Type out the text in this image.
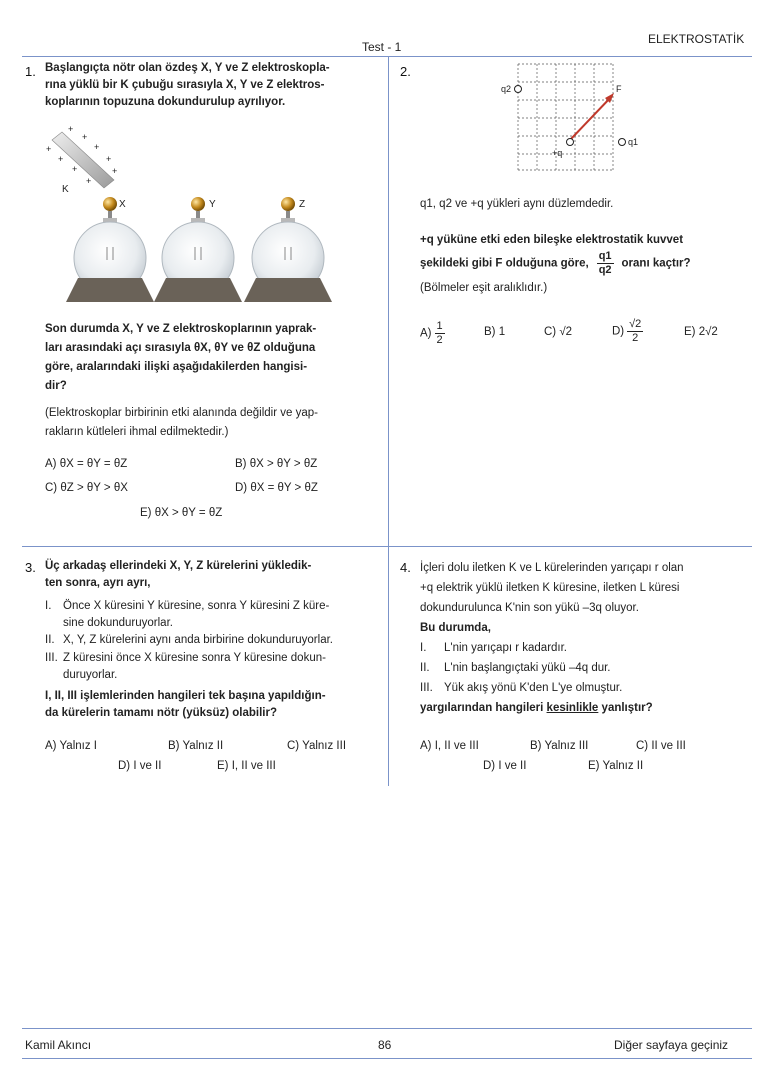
Test - 1
ELEKTROSTATİK
1. Başlangıçta nötr olan özdeş X, Y ve Z elektroskopla-
rına yüklü bir K çubuğu sırasıyla X, Y ve Z elektros-
koplarının topuzuna dokundurulup ayrılıyor.
+
+
+
+
+
+
+
+
+
K
X	Y	Z
Son durumda X, Y ve Z elektroskoplarının yaprak-
ları arasındaki açı sırasıyla θX, θY ve θZ olduğuna
göre, aralarındaki ilişki aşağıdakilerden hangisi-
dir?
(Elektroskoplar birbirinin etki alanında değildir ve yap-
rakların kütleleri ihmal edilmektedir.)
A) θX = θY = θZ	B) θX > θY > θZ
C) θZ > θY > θX	D) θX = θY > θZ
E) θX > θY = θZ
2.
q2	F
+q
q1
q1, q2 ve +q yükleri aynı düzlemdedir.
+q yüküne etki eden bileşke elektrostatik kuvvet
şekildeki gibi F olduğuna göre, $\frac{q1}{q2}$ oranı kaçtır?
(Bölmeler eşit aralıklıdır.)
$A) \frac{1}{2}$	B) 1	C) √2	$D) \frac{√2}{2}$	E) 2√2
3. Üç arkadaş ellerindeki X, Y, Z kürelerini yükledik-
ten sonra, ayrı ayrı,
I. Önce X küresini Y küresine, sonra Y küresini Z küre-
sine dokunduruyorlar.
II. X, Y, Z kürelerini aynı anda birbirine dokunduruyorlar.
III. Z küresini önce X küresine sonra Y küresine dokun-
duruyorlar.
I, II, III işlemlerinden hangileri tek başına yapıldığın-
da kürelerin tamamı nötr (yüksüz) olabilir?
A) Yalnız I	B) Yalnız II	C) Yalnız III
D) I ve II	E) I, II ve III
4. İçleri dolu iletken K ve L kürelerinden yarıçapı r olan
+q elektrik yüklü iletken K küresine, iletken L küresi
dokundurulunca K'nin son yükü –3q oluyor.
Bu durumda,
I. L'nin yarıçapı r kadardır.
II. L'nin başlangıçtaki yükü –4q dur.
III. Yük akış yönü K'den L'ye olmuştur.
yargılarından hangileri kesinlikle yanlıştır?
A) I, II ve III	B) Yalnız III	C) II ve III
D) I ve II	E) Yalnız II
Kamil Akıncı	86	Diğer sayfaya geçiniz
